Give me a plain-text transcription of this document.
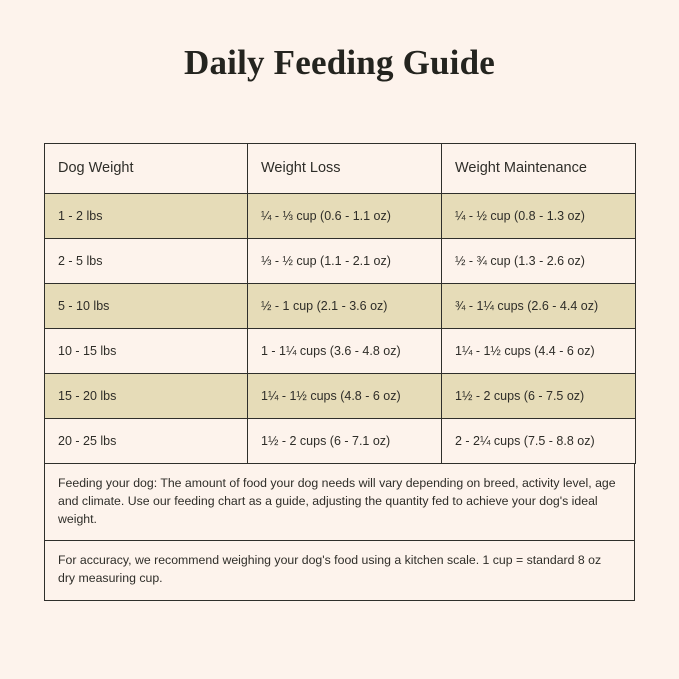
Daily Feeding Guide
Dog Weight	Weight Loss	Weight Maintenance
1 - 2 lbs	¼ - ⅓ cup (0.6 - 1.1 oz)	¼ - ½ cup (0.8 - 1.3 oz)
2 - 5 lbs	⅓ - ½ cup (1.1 - 2.1 oz)	½ - ¾ cup (1.3 - 2.6 oz)
5 - 10 lbs	½ - 1 cup (2.1 - 3.6 oz)	¾ - 1¼ cups (2.6 - 4.4 oz)
10 - 15 lbs	1 - 1¼ cups (3.6 - 4.8 oz)	1¼ - 1½ cups (4.4 - 6 oz)
15 - 20 lbs	1¼ - 1½ cups (4.8 - 6 oz)	1½ - 2 cups (6 - 7.5 oz)
20 - 25 lbs	1½ - 2 cups (6 - 7.1 oz)	2 - 2¼ cups (7.5 - 8.8 oz)
Feeding your dog: The amount of food your dog needs will vary depending on breed, activity level, age and climate. Use our feeding chart as a guide, adjusting the quantity fed to achieve your dog's ideal weight.
For accuracy, we recommend weighing your dog's food using a kitchen scale. 1 cup = standard 8 oz dry measuring cup.
